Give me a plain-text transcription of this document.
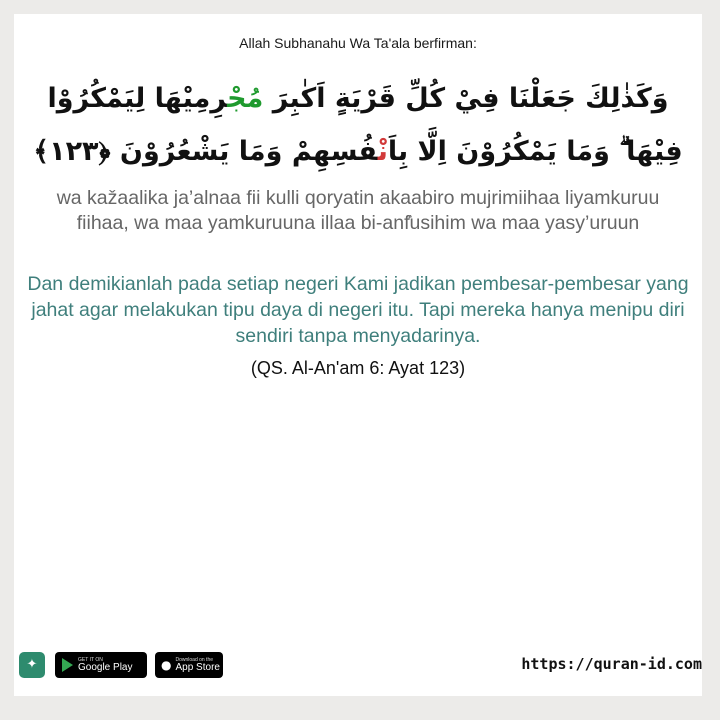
Allah Subhanahu Wa Ta'ala berfirman:
وَكَذٰلِكَ جَعَلْنَا فِيْ كُلِّ قَرْيَةٍ اَكٰبِرَ مُجْرِمِيْهَا لِيَمْكُرُوْا فِيْهَا ۗ وَمَا يَمْكُرُوْنَ اِلَّا بِاَنْفُسِهِمْ وَمَا يَشْعُرُوْنَ ﴿١٢٣﴾
wa kažaalika ja’alnaa fii kulli qoryatin akaabiro mujrimiihaa liyamkuruu fiihaa, wa maa yamkuruuna illaa bi-anۢfusihim wa maa yasy’uruun
Dan demikianlah pada setiap negeri Kami jadikan pembesar-pembesar yang jahat agar melakukan tipu daya di negeri itu. Tapi mereka hanya menipu diri sendiri tanpa menyadarinya.
(QS. Al-An'am 6: Ayat 123)
✦	GET IT ON
Google Play ● Download on the
App Store	https://quran-id.com
